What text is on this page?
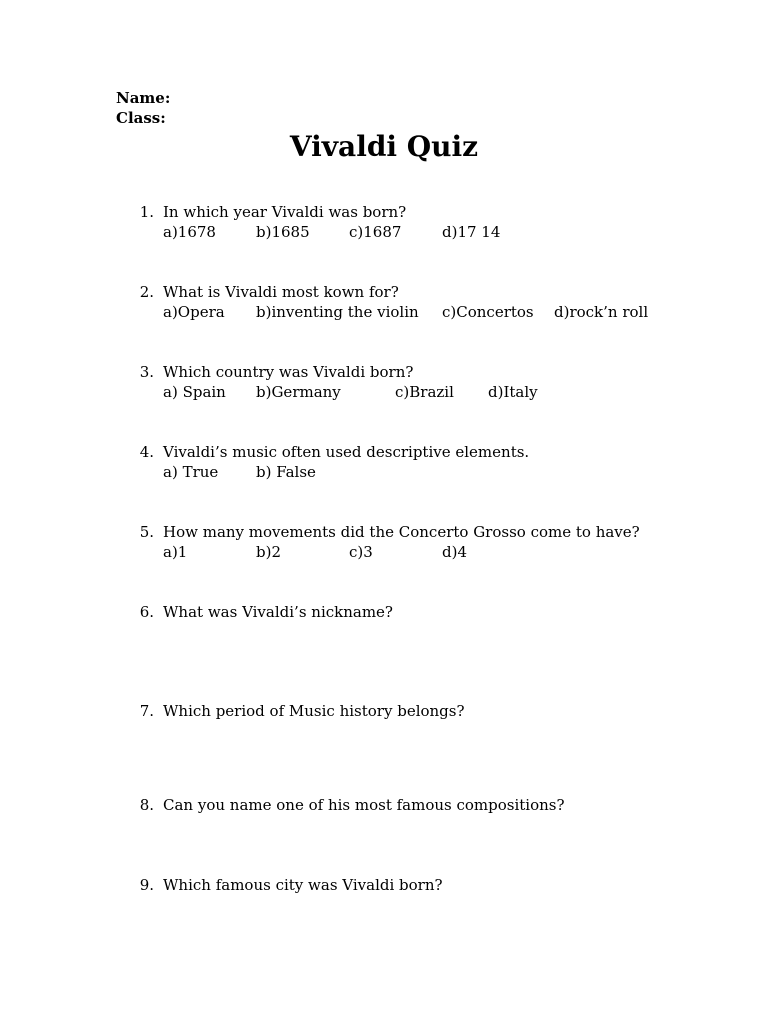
Name:
Class:
Vivaldi Quiz
1. In which year Vivaldi was born?
a)1678	b)1685	c)1687	d)17 14
2. What is Vivaldi most kown for?
a)Opera b)inventing the violin c)Concertos d)rock’n roll
3. Which country was Vivaldi born?
a) Spain b)Germany	c)Brazil d)Italy
4. Vivaldi’s music often used descriptive elements.
a) True	b) False
5. How many movements did the Concerto Grosso come to have?
a)1	b)2	c)3	d)4
6. What was Vivaldi’s nickname?
7. Which period of Music history belongs?
8. Can you name one of his most famous compositions?
9. Which famous city was Vivaldi born?
